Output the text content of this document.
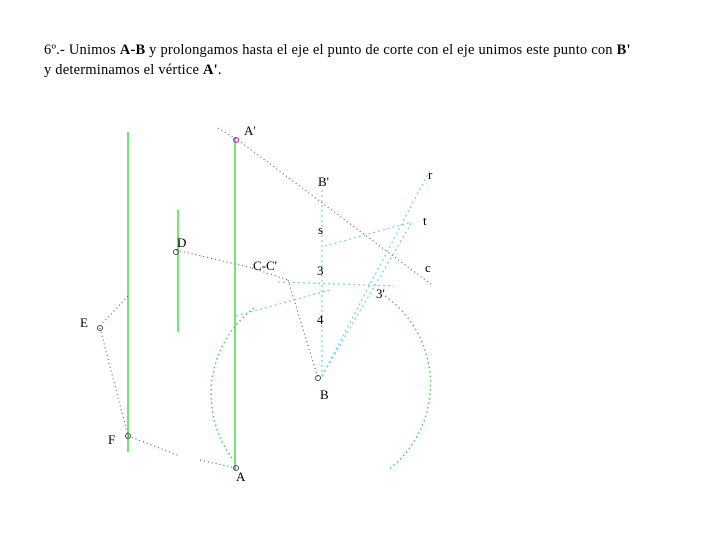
6º.- Unimos A-B y prolongamos hasta el eje el punto de corte con el eje unimos este punto con B'
y determinamos el vértice A'.
A'
B'	r
t
s
D
C-C'	c
3
3'
E	4
B
F
A
